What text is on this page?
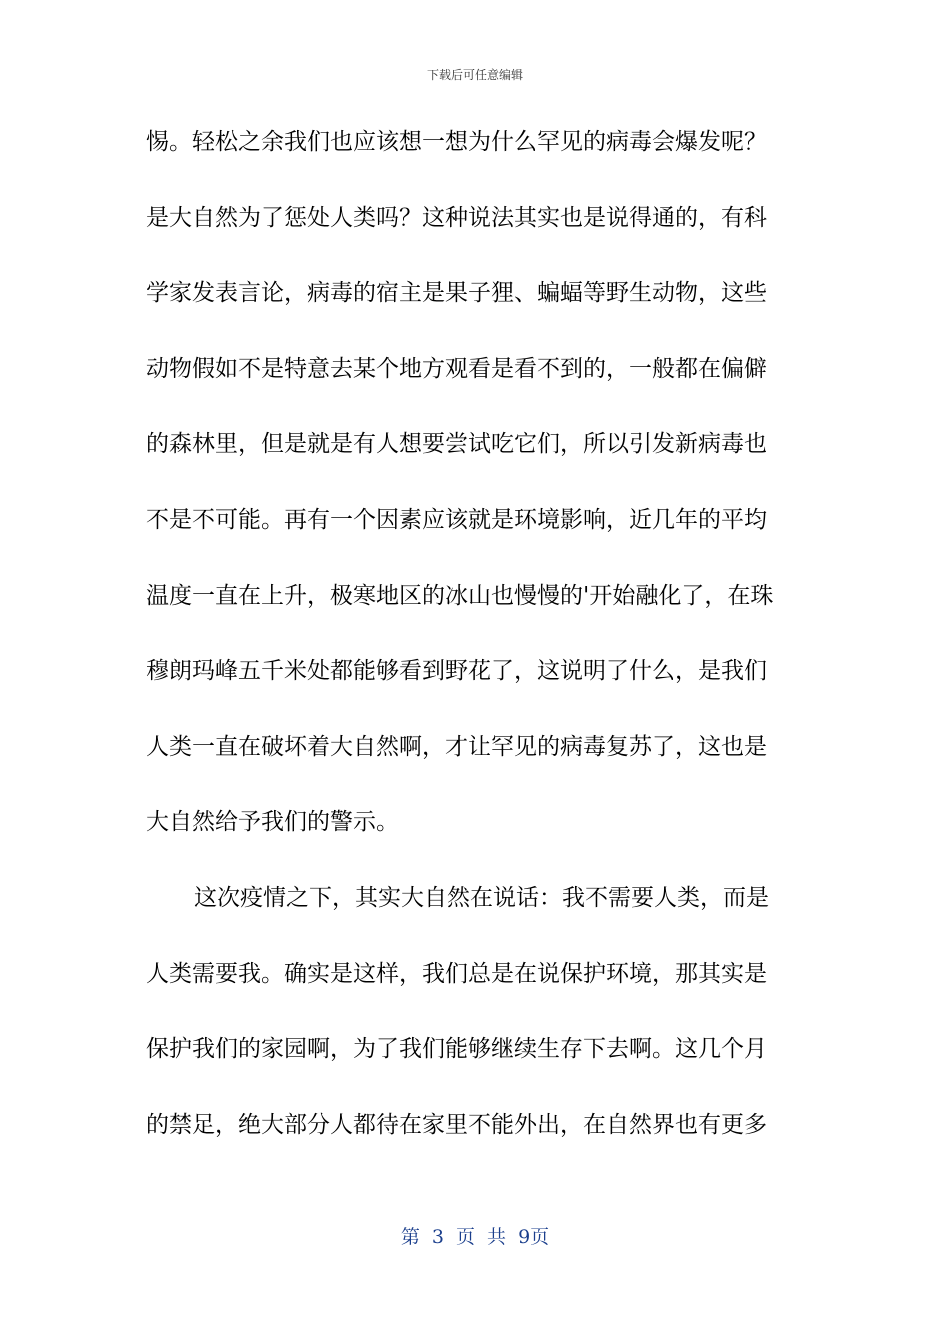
下载后可任意编辑
惕。轻松之余我们也应该想一想为什么罕见的病毒会爆发呢？
是大自然为了惩处人类吗？这种说法其实也是说得通的，有科
学家发表言论，病毒的宿主是果子狸、蝙蝠等野生动物，这些
动物假如不是特意去某个地方观看是看不到的，一般都在偏僻
的森林里，但是就是有人想要尝试吃它们，所以引发新病毒也
不是不可能。再有一个因素应该就是环境影响，近几年的平均
温度一直在上升，极寒地区的冰山也慢慢的'开始融化了，在珠
穆朗玛峰五千米处都能够看到野花了，这说明了什么，是我们
人类一直在破坏着大自然啊，才让罕见的病毒复苏了，这也是
大自然给予我们的警示。
这次疫情之下，其实大自然在说话：我不需要人类，而是
人类需要我。确实是这样，我们总是在说保护环境，那其实是
保护我们的家园啊，为了我们能够继续生存下去啊。这几个月
的禁足，绝大部分人都待在家里不能外出，在自然界也有更多
第 3 页 共 9页
